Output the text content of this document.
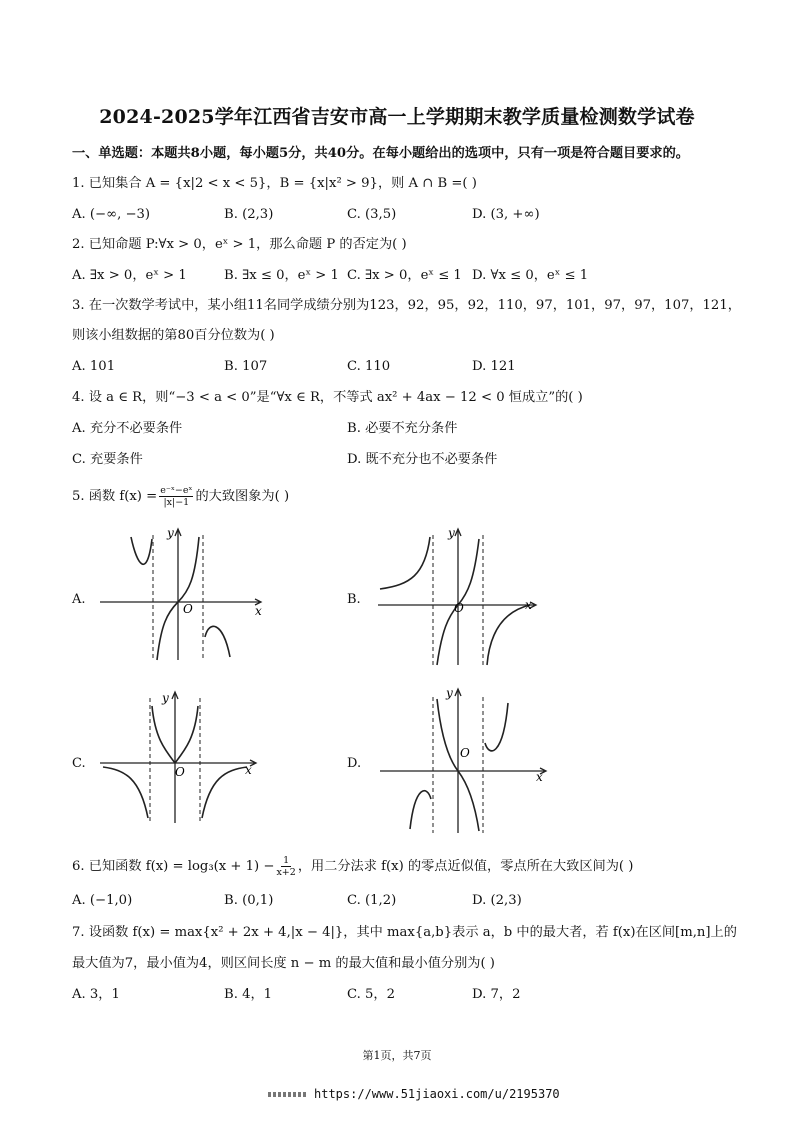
2024-2025学年江西省吉安市高一上学期期末教学质量检测数学试卷
一、单选题：本题共8小题，每小题5分，共40分。在每小题给出的选项中，只有一项是符合题目要求的。
1. 已知集合 A = {x|2 < x < 5}，B = {x|x² > 9}，则 A ∩ B =( )
A. (−∞, −3)	B. (2,3)	C. (3,5)	D. (3, +∞)
2. 已知命题 P:∀x > 0，eˣ > 1，那么命题 P 的否定为( )
A. ∃x > 0，eˣ > 1	B. ∃x ≤ 0，eˣ > 1 C. ∃x > 0，eˣ ≤ 1 D. ∀x ≤ 0，eˣ ≤ 1
3. 在一次数学考试中，某小组11名同学成绩分别为123，92，95，92，110，97，101，97，97，107，121，
则该小组数据的第80百分位数为( )
A. 101	B. 107	C. 110	D. 121
4. 设 a ∈ R，则“−3 < a < 0”是“∀x ∈ R，不等式 ax² + 4ax − 12 < 0 恒成立”的( )
A. 充分不必要条件	B. 必要不充分条件
C. 充要条件	D. 既不充分也不必要条件
5. 函数 $f(x) = \frac{\text{e⁻ˣ−eˣ}}{|x|-1}$ 的大致图象为( )
A.	B.
C.	D.
O	x
y
O	x
y
O	x
y
O
x
y
6. 已知函数 $f(x) = \log_3(x + 1) - \frac{1}{x+2}$ ，用二分法求 f(x) 的零点近似值，零点所在大致区间为( )
A. (−1,0)	B. (0,1)	C. (1,2)	D. (2,3)
7. 设函数 f(x) = max{x² + 2x + 4,|x − 4|}，其中 max{a,b}表示 a，b 中的最大者，若 f(x)在区间[m,n]上的
最大值为7，最小值为4，则区间长度 n − m 的最大值和最小值分别为( )
A. 3，1	B. 4，1	C. 5，2	D. 7，2
第1页，共7页
https://www.51jiaoxi.com/u/2195370
